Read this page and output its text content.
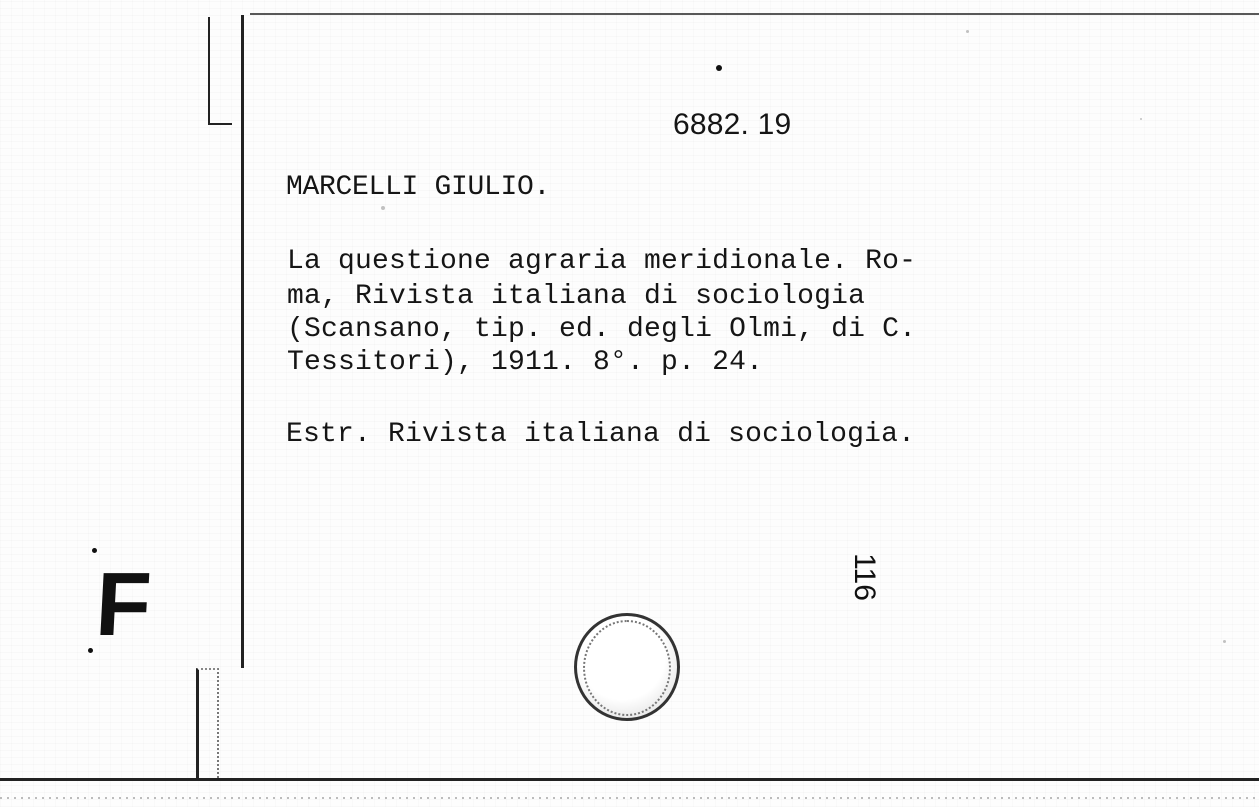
6882. 19
MARCELLI GIULIO.
La questione agraria meridionale. Ro-
ma, Rivista italiana di sociologia
(Scansano, tip. ed. degli Olmi, di C.
Tessitori), 1911. 8°. p. 24.
Estr. Rivista italiana di sociologia.
F	116
